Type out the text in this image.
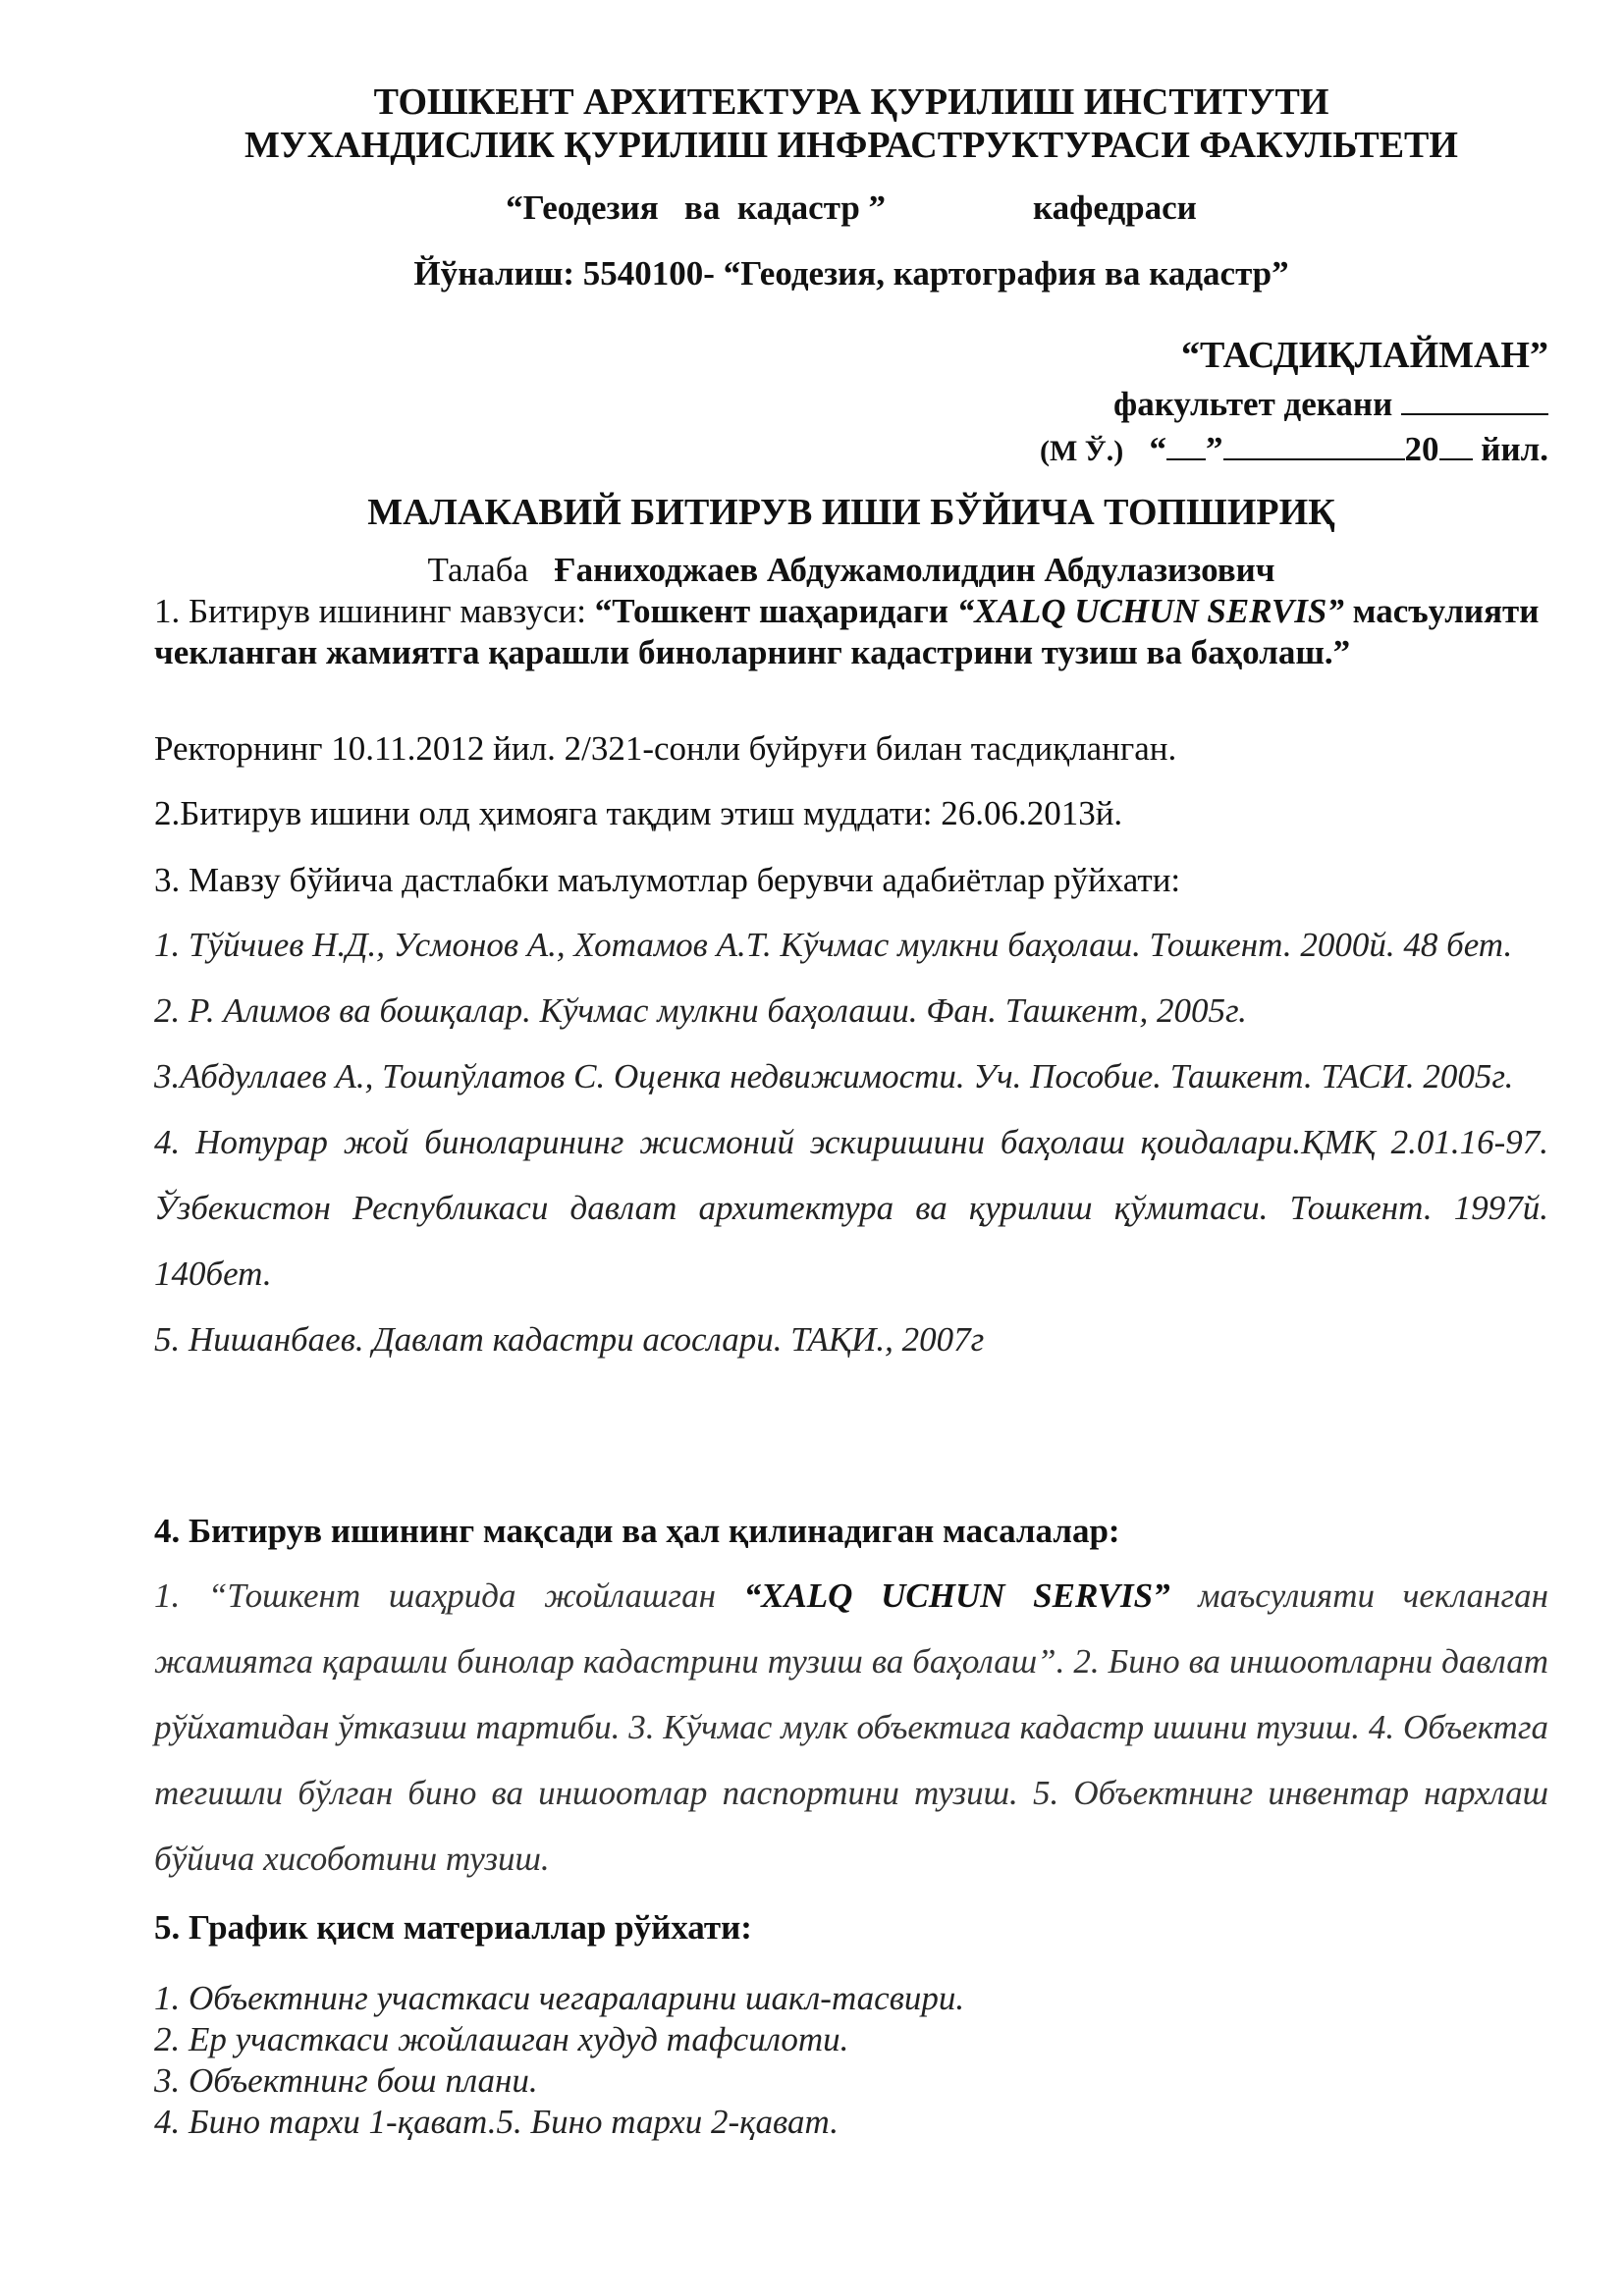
ТОШКЕНТ АРХИТЕКТУРА ҚУРИЛИШ ИНСТИТУТИ
МУХАНДИСЛИК ҚУРИЛИШ ИНФРАСТРУКТУРАСИ ФАКУЛЬТЕТИ
“Геодезия   ва  кадастр ”	кафедраси
Йўналиш: 5540100- “Геодезия, картография ва кадастр”
“ТАСДИҚЛАЙМАН”
факультет декани
(М Ў.)   “ ”	20 йил.
МАЛАКАВИЙ БИТИРУВ ИШИ БЎЙИЧА ТОПШИРИҚ
Талаба Ғаниходжаев Абдужамолиддин Абдулазизович
1. Битирув ишининг мавзуси: “Тошкент шаҳаридаги “XALQ UCHUN SERVIS” масъулияти чекланган жамиятга қарашли биноларнинг кадастрини тузиш ва баҳолаш.”
Ректорнинг 10.11.2012 йил. 2/321-сонли буйруғи билан тасдиқланган.
2.Битирув ишини олд ҳимояга тақдим этиш муддати: 26.06.2013й.
3. Мавзу бўйича дастлабки маълумотлар берувчи адабиётлар рўйхати:
1. Тўйчиев Н.Д., Усмонов А., Хотамов А.Т. Кўчмас мулкни баҳолаш. Тошкент. 2000й. 48 бет.
2. Р. Алимов ва бошқалар. Кўчмас мулкни баҳолаши. Фан. Ташкент, 2005г.
3.Абдуллаев А., Тошпўлатов С. Оценка недвижимости. Уч. Пособие. Ташкент. ТАСИ. 2005г.
4. Нотурар жой биноларининг жисмоний эскиришини баҳолаш қоидалари.ҚМҚ 2.01.16-97. Ўзбекистон Республикаси давлат архитектура ва қурилиш қўмитаси. Тошкент. 1997й. 140бет.
5. Нишанбаев. Давлат кадастри асослари. ТАҚИ., 2007г
4. Битирув ишининг мақсади ва ҳал қилинадиган масалалар:
1. “Тошкент шаҳрида жойлашган “XALQ UCHUN SERVIS” маъсулияти чекланган жамиятга қарашли бинолар кадастрини тузиш ва баҳолаш”. 2. Бино ва иншоотларни давлат рўйхатидан ўтказиш тартиби. 3. Кўчмас мулк объектига кадастр ишини тузиш. 4. Объектга тегишли бўлган бино ва иншоотлар паспортини тузиш. 5. Объектнинг инвентар нархлаш бўйича хисоботини тузиш.
5. График қисм материаллар рўйхати:
1. Объектнинг участкаси чегараларини шакл-тасвири.
2. Ер участкаси жойлашган худуд тафсилоти.
3. Объектнинг бош плани.
4. Бино тархи 1-қават.5. Бино тархи 2-қават.
